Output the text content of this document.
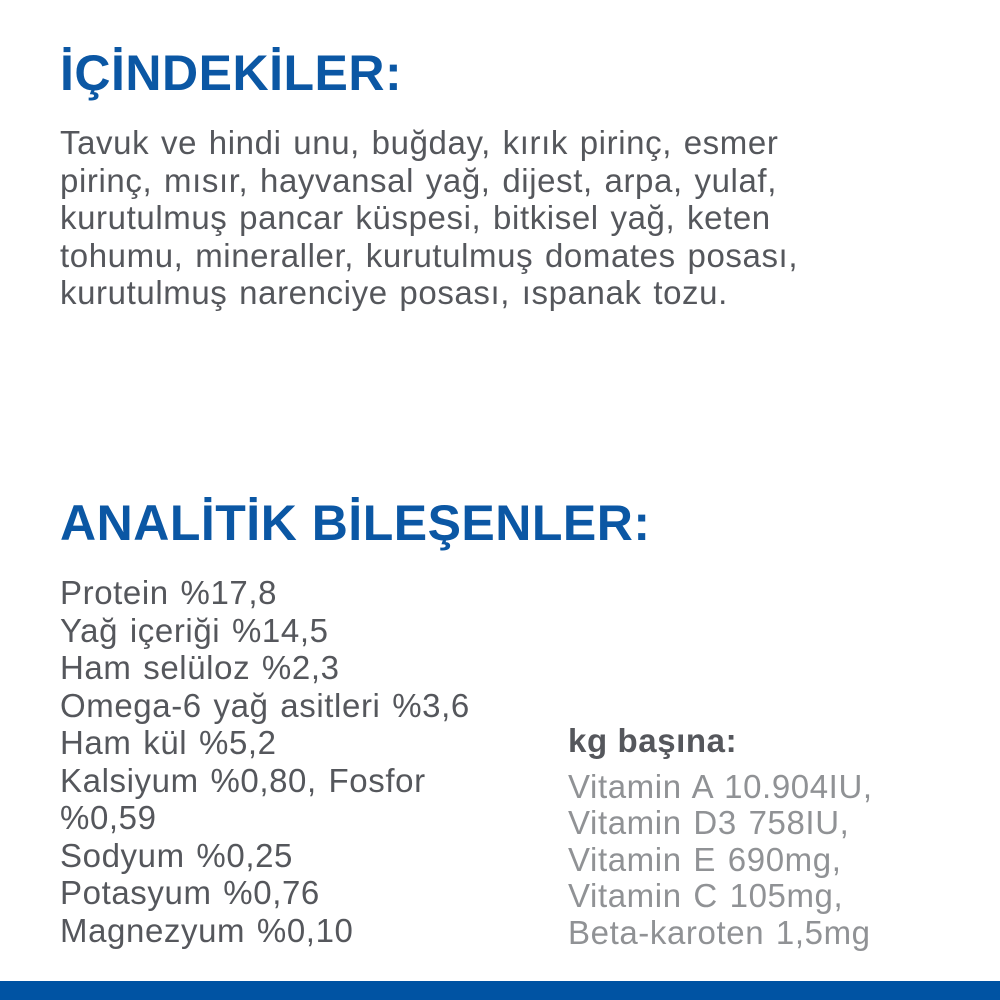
İÇİNDEKİLER:
Tavuk ve hindi unu, buğday, kırık pirinç, esmer
pirinç, mısır, hayvansal yağ, dijest, arpa, yulaf,
kurutulmuş pancar küspesi, bitkisel yağ, keten
tohumu, mineraller, kurutulmuş domates posası,
kurutulmuş narenciye posası, ıspanak tozu.
ANALİTİK BİLEŞENLER:
Protein %17,8
Yağ içeriği %14,5
Ham selüloz %2,3
Omega-6 yağ asitleri %3,6
Ham kül %5,2
Kalsiyum %0,80, Fosfor
%0,59
Sodyum %0,25
Potasyum %0,76
Magnezyum %0,10
kg başına:
Vitamin A 10.904IU,
Vitamin D3 758IU,
Vitamin E 690mg,
Vitamin C 105mg,
Beta-karoten 1,5mg
